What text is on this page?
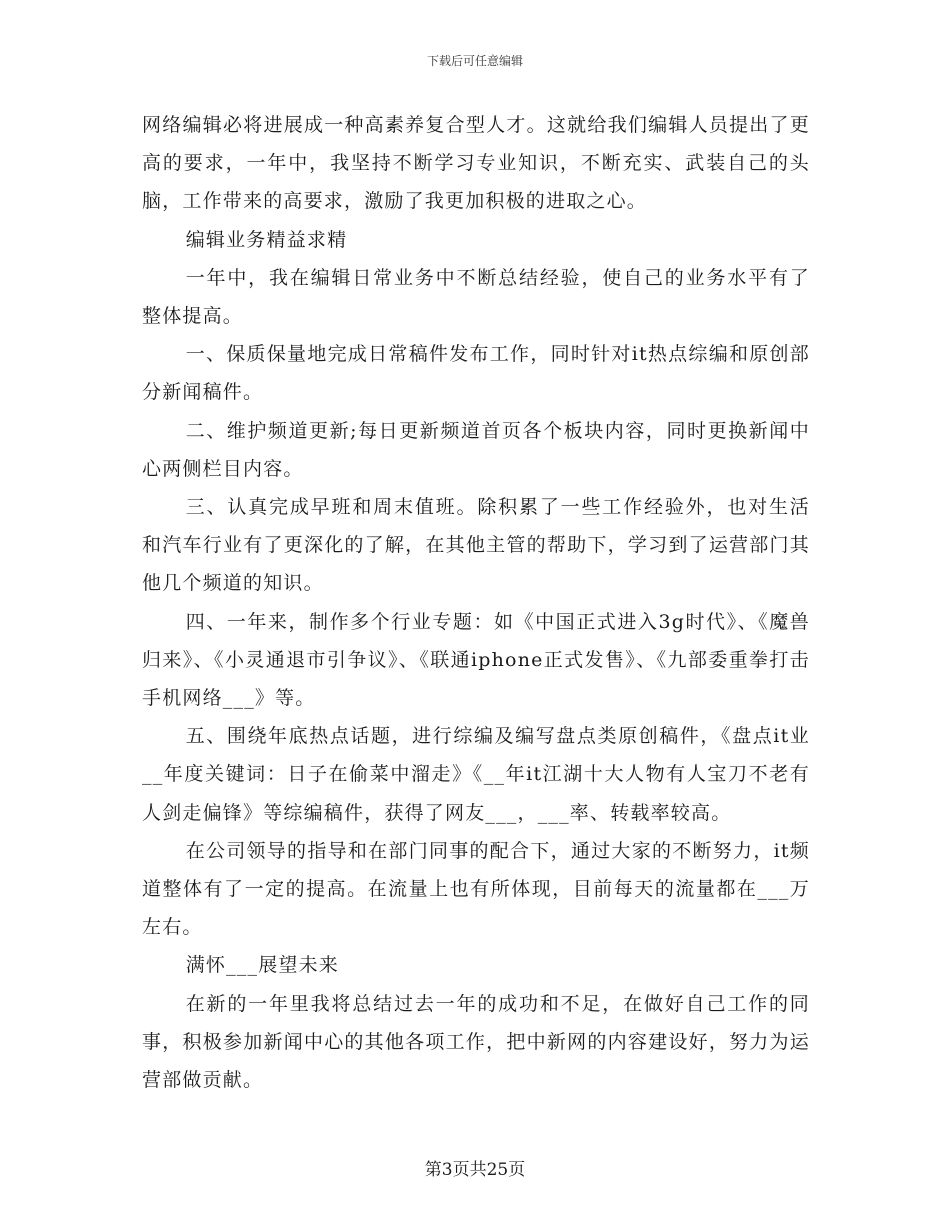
下载后可任意编辑

网络编辑必将进展成一种高素养复合型人才。这就给我们编辑人员提出了更高的要求，一年中，我坚持不断学习专业知识，不断充实、武装自己的头脑，工作带来的高要求，激励了我更加积极的进取之心。

编辑业务精益求精

一年中，我在编辑日常业务中不断总结经验，使自己的业务水平有了整体提高。

一、保质保量地完成日常稿件发布工作，同时针对it热点综编和原创部分新闻稿件。

二、维护频道更新;每日更新频道首页各个板块内容，同时更换新闻中心两侧栏目内容。

三、认真完成早班和周末值班。除积累了一些工作经验外，也对生活和汽车行业有了更深化的了解，在其他主管的帮助下，学习到了运营部门其他几个频道的知识。

四、一年来，制作多个行业专题：如《中国正式进入3g时代》、《魔兽归来》、《小灵通退市引争议》、《联通iphone正式发售》、《九部委重拳打击手机网络___》等。

五、围绕年底热点话题，进行综编及编写盘点类原创稿件，《盘点it业__年度关键词：日子在偷菜中溜走》《__年it江湖十大人物有人宝刀不老有人剑走偏锋》等综编稿件，获得了网友___，___率、转载率较高。

在公司领导的指导和在部门同事的配合下，通过大家的不断努力，it频道整体有了一定的提高。在流量上也有所体现，目前每天的流量都在___万左右。

满怀___展望未来

在新的一年里我将总结过去一年的成功和不足，在做好自己工作的同事，积极参加新闻中心的其他各项工作，把中新网的内容建设好，努力为运营部做贡献。

第3页共25页
